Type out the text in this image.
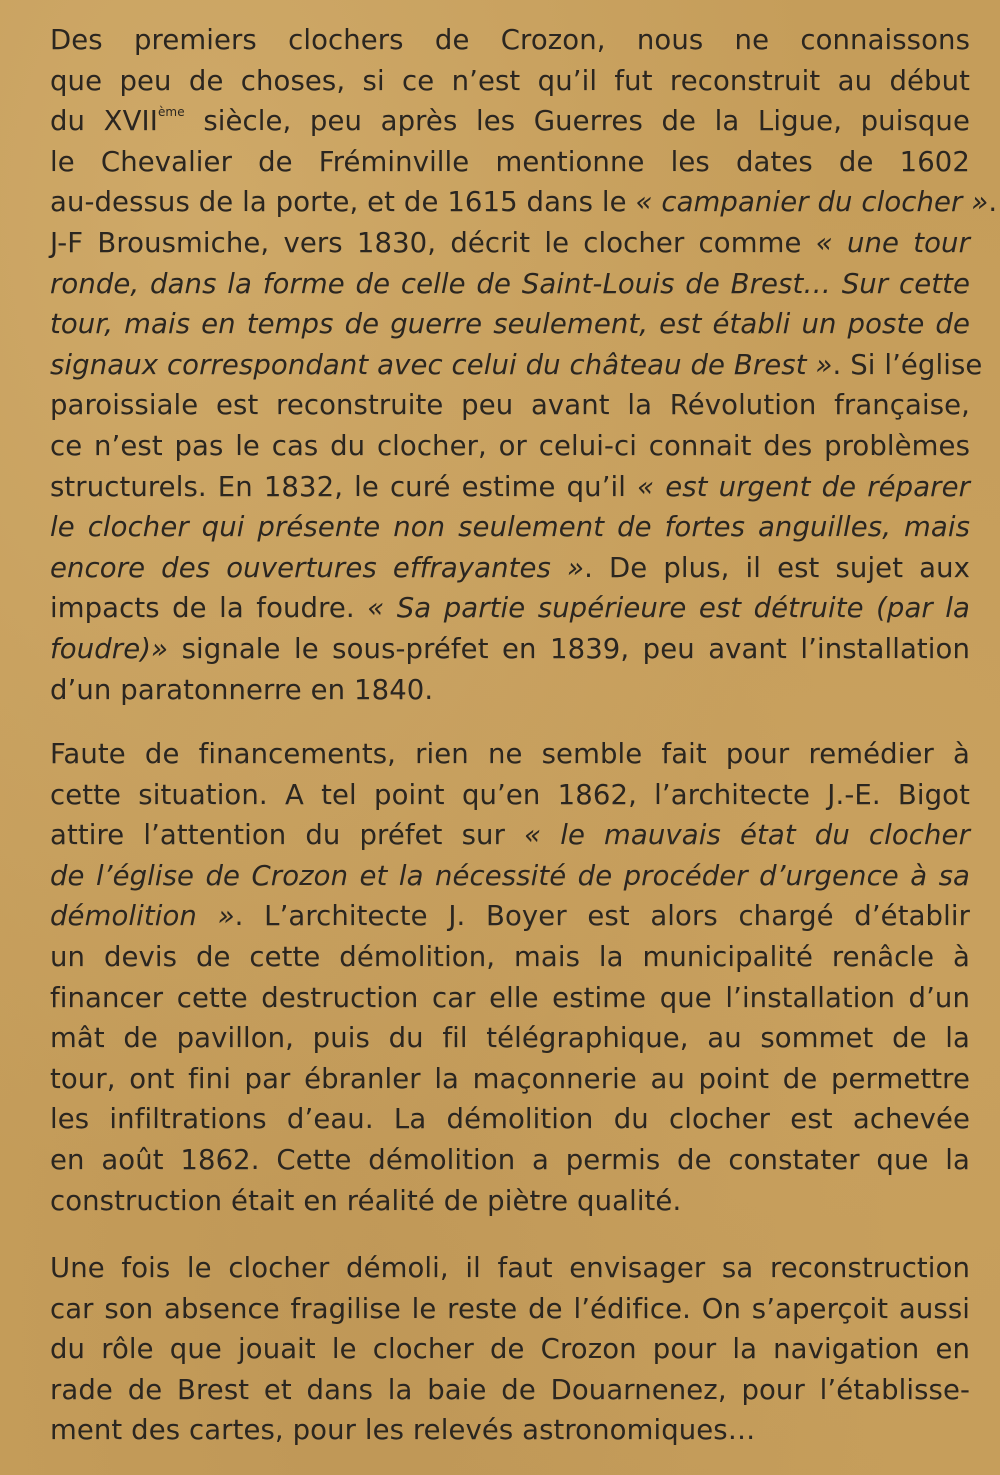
Des premiers clochers de Crozon, nous ne connaissons
que peu de choses, si ce n’est qu’il fut reconstruit au début
du XVIIème siècle, peu après les Guerres de la Ligue, puisque
le Chevalier de Fréminville mentionne les dates de 1602
au-dessus de la porte, et de 1615 dans le « campanier du clocher ».
J-F Brousmiche, vers 1830, décrit le clocher comme « une tour
ronde, dans la forme de celle de Saint-Louis de Brest… Sur cette
tour, mais en temps de guerre seulement, est établi un poste de
signaux correspondant avec celui du château de Brest ». Si l’église
paroissiale est reconstruite peu avant la Révolution française,
ce n’est pas le cas du clocher, or celui-ci connait des problèmes
structurels. En 1832, le curé estime qu’il « est urgent de réparer
le clocher qui présente non seulement de fortes anguilles, mais
encore des ouvertures effrayantes ». De plus, il est sujet aux
impacts de la foudre. « Sa partie supérieure est détruite (par la
foudre)» signale le sous-préfet en 1839, peu avant l’installation
d’un paratonnerre en 1840.
Faute de financements, rien ne semble fait pour remédier à
cette situation. A tel point qu’en 1862, l’architecte J.-E. Bigot
attire l’attention du préfet sur « le mauvais état du clocher
de l’église de Crozon et la nécessité de procéder d’urgence à sa
démolition ». L’architecte J. Boyer est alors chargé d’établir
un devis de cette démolition, mais la municipalité renâcle à
financer cette destruction car elle estime que l’installation d’un
mât de pavillon, puis du fil télégraphique, au sommet de la
tour, ont fini par ébranler la maçonnerie au point de permettre
les infiltrations d’eau. La démolition du clocher est achevée
en août 1862. Cette démolition a permis de constater que la
construction était en réalité de piètre qualité.
Une fois le clocher démoli, il faut envisager sa reconstruction
car son absence fragilise le reste de l’édifice. On s’aperçoit aussi
du rôle que jouait le clocher de Crozon pour la navigation en
rade de Brest et dans la baie de Douarnenez, pour l’établisse-
ment des cartes, pour les relevés astronomiques…
